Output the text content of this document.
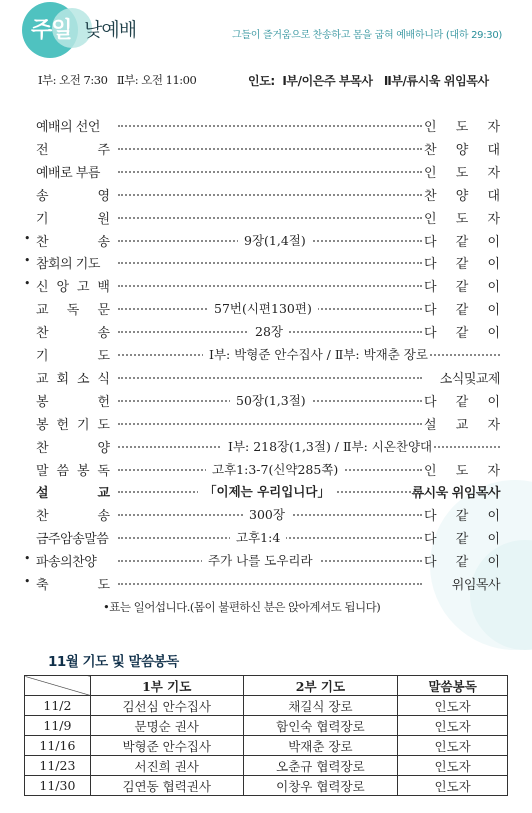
주일 낮예배	그들이 즐거움으로 찬송하고 몸을 굽혀 예배하니라 (대하 29:30)
Ⅰ부: 오전 7:30   Ⅱ부: 오전 11:00	인도:  Ⅰ부/이은주 부목사   Ⅱ부/류시욱 위임목사
예배의 선언	인 도 자
전	주	찬 양 대
예배로 부름	인 도 자
송	영	찬 양 대
기	원	인 도 자
• 찬	송	9장(1,4절)	다 같 이
• 참회의 기도	다 같 이
• 신 앙 고 백	다 같 이
교 독 문	57번(시편130편)	다 같 이
찬	송	28장	다 같 이
기	도	Ⅰ부: 박형준 안수집사 / Ⅱ부: 박재춘 장로
교 회 소 식	소식및교제
봉	헌	50장(1,3절)	다 같 이
봉 헌 기 도	설 교 자
찬	양	Ⅰ부: 218장(1,3절) / Ⅱ부: 시온찬양대
말 씀 봉 독	고후1:3-7(신약285쪽)	인 도 자
설	교	「이제는 우리입니다」	류시욱 위임목사
찬	송	300장	다 같 이
금주암송말씀	고후1:4	다 같 이
• 파송의찬양	주가 나를 도우리라	다 같 이
• 축	도	위임목사
•표는 일어섭니다.(몸이 불편하신 분은 앉아계셔도 됩니다)
11월 기도 및 말씀봉독
	1부 기도	2부 기도	말씀봉독
11/2	김선심 안수집사	채길식 장로	인도자
11/9	문명순 권사	함인숙 협력장로	인도자
11/16	박형준 안수집사	박재춘 장로	인도자
11/23	서진희 권사	오춘규 협력장로	인도자
11/30	김연동 협력권사	이창우 협력장로	인도자
